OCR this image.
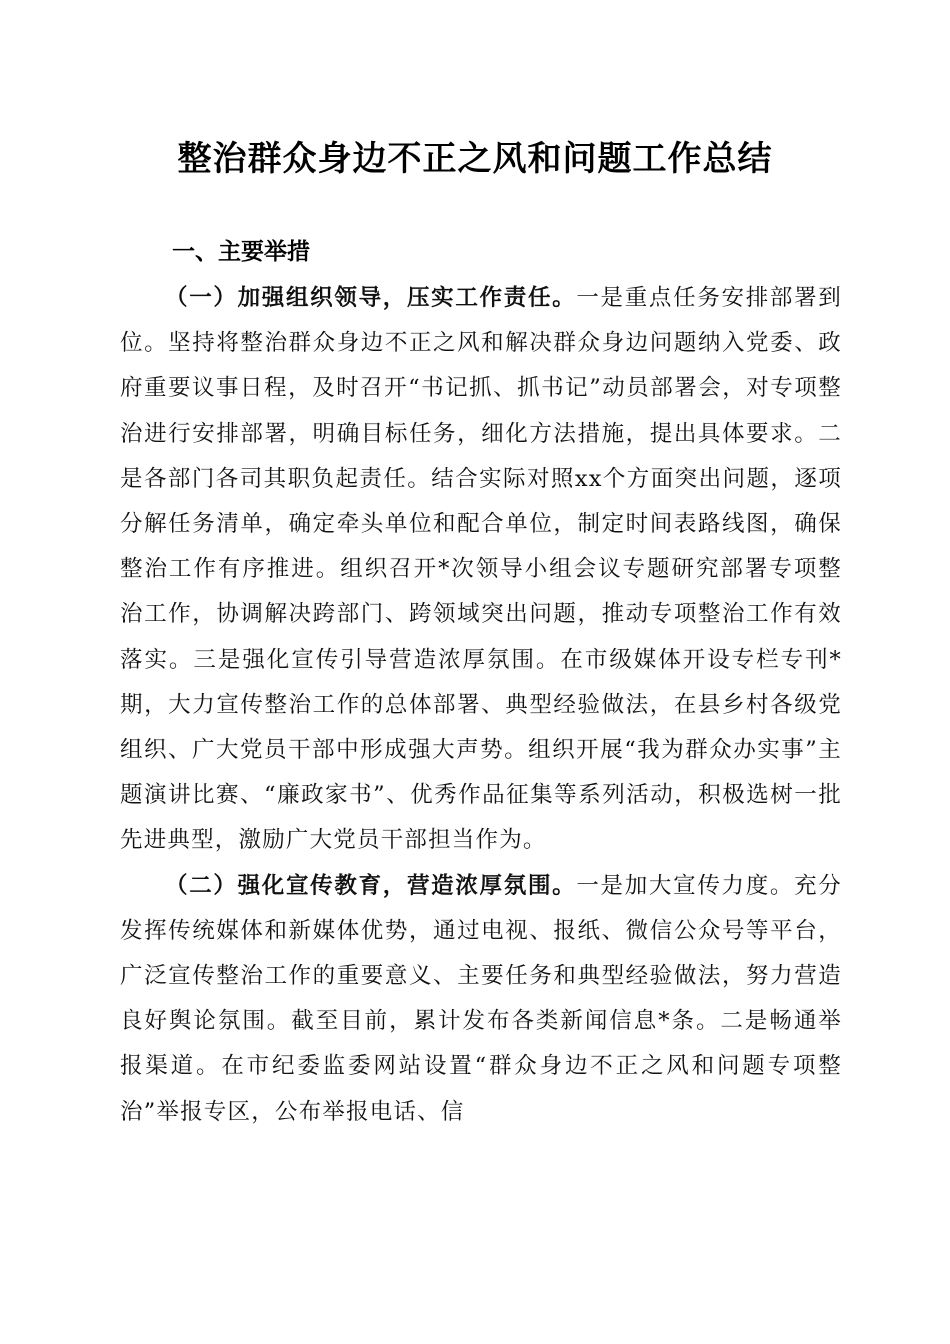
整治群众身边不正之风和问题工作总结
一、主要举措

（一）加强组织领导，压实工作责任。一是重点任务安排部署到位。坚持将整治群众身边不正之风和解决群众身边问题纳入党委、政府重要议事日程，及时召开“书记抓、抓书记”动员部署会，对专项整治进行安排部署，明确目标任务，细化方法措施，提出具体要求。二是各部门各司其职负起责任。结合实际对照xx个方面突出问题，逐项分解任务清单，确定牵头单位和配合单位，制定时间表路线图，确保整治工作有序推进。组织召开*次领导小组会议专题研究部署专项整治工作，协调解决跨部门、跨领域突出问题，推动专项整治工作有效落实。三是强化宣传引导营造浓厚氛围。在市级媒体开设专栏专刊*期，大力宣传整治工作的总体部署、典型经验做法，在县乡村各级党组织、广大党员干部中形成强大声势。组织开展“我为群众办实事”主题演讲比赛、“廉政家书”、优秀作品征集等系列活动，积极选树一批先进典型，激励广大党员干部担当作为。

（二）强化宣传教育，营造浓厚氛围。一是加大宣传力度。充分发挥传统媒体和新媒体优势，通过电视、报纸、微信公众号等平台，广泛宣传整治工作的重要意义、主要任务和典型经验做法，努力营造良好舆论氛围。截至目前，累计发布各类新闻信息*条。二是畅通举报渠道。在市纪委监委网站设置“群众身边不正之风和问题专项整治”举报专区，公布举报电话、信
